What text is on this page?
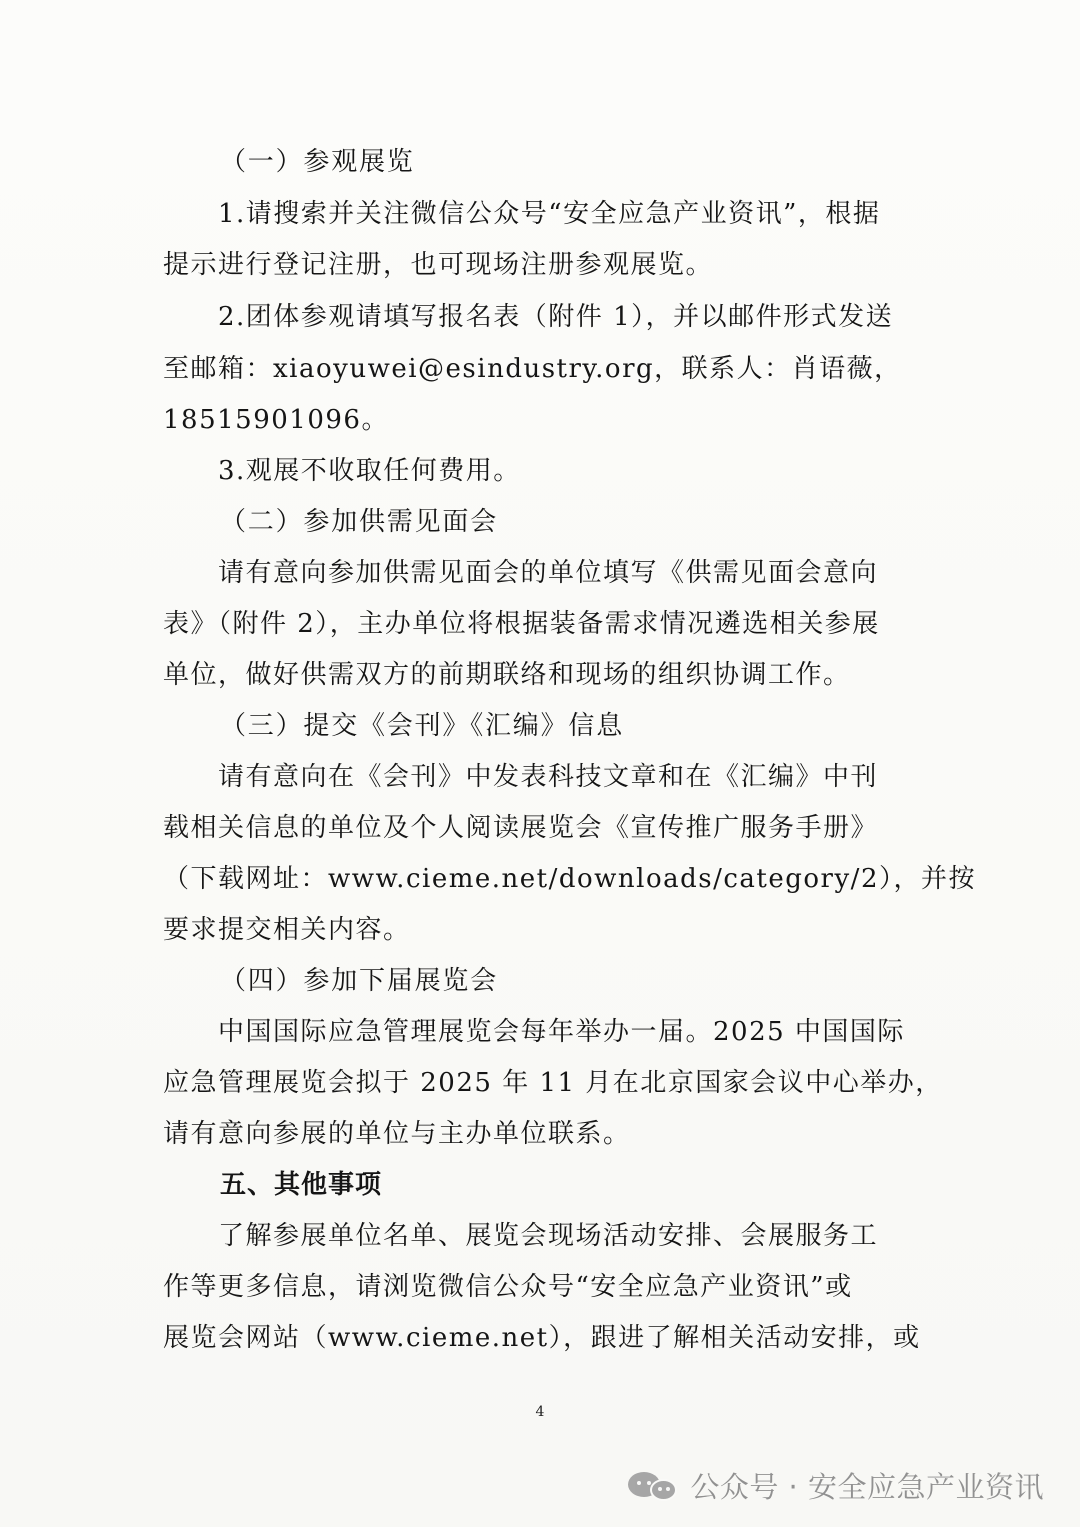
（一）参观展览
1.请搜索并关注微信公众号“安全应急产业资讯”，根据
提示进行登记注册，也可现场注册参观展览。
2.团体参观请填写报名表（附件 1），并以邮件形式发送
至邮箱：xiaoyuwei@esindustry.org，联系人：肖语薇，
18515901096。
3.观展不收取任何费用。
（二）参加供需见面会
请有意向参加供需见面会的单位填写《供需见面会意向
表》（附件 2），主办单位将根据装备需求情况遴选相关参展
单位，做好供需双方的前期联络和现场的组织协调工作。
（三）提交《会刊》《汇编》信息
请有意向在《会刊》中发表科技文章和在《汇编》中刊
载相关信息的单位及个人阅读展览会《宣传推广服务手册》
（下载网址：www.cieme.net/downloads/category/2），并按
要求提交相关内容。
（四）参加下届展览会
中国国际应急管理展览会每年举办一届。2025 中国国际
应急管理展览会拟于 2025 年 11 月在北京国家会议中心举办，
请有意向参展的单位与主办单位联系。
五、其他事项
了解参展单位名单、展览会现场活动安排、会展服务工
作等更多信息，请浏览微信公众号“安全应急产业资讯”或
展览会网站（www.cieme.net），跟进了解相关活动安排，或
4
公众号 · 安全应急产业资讯
